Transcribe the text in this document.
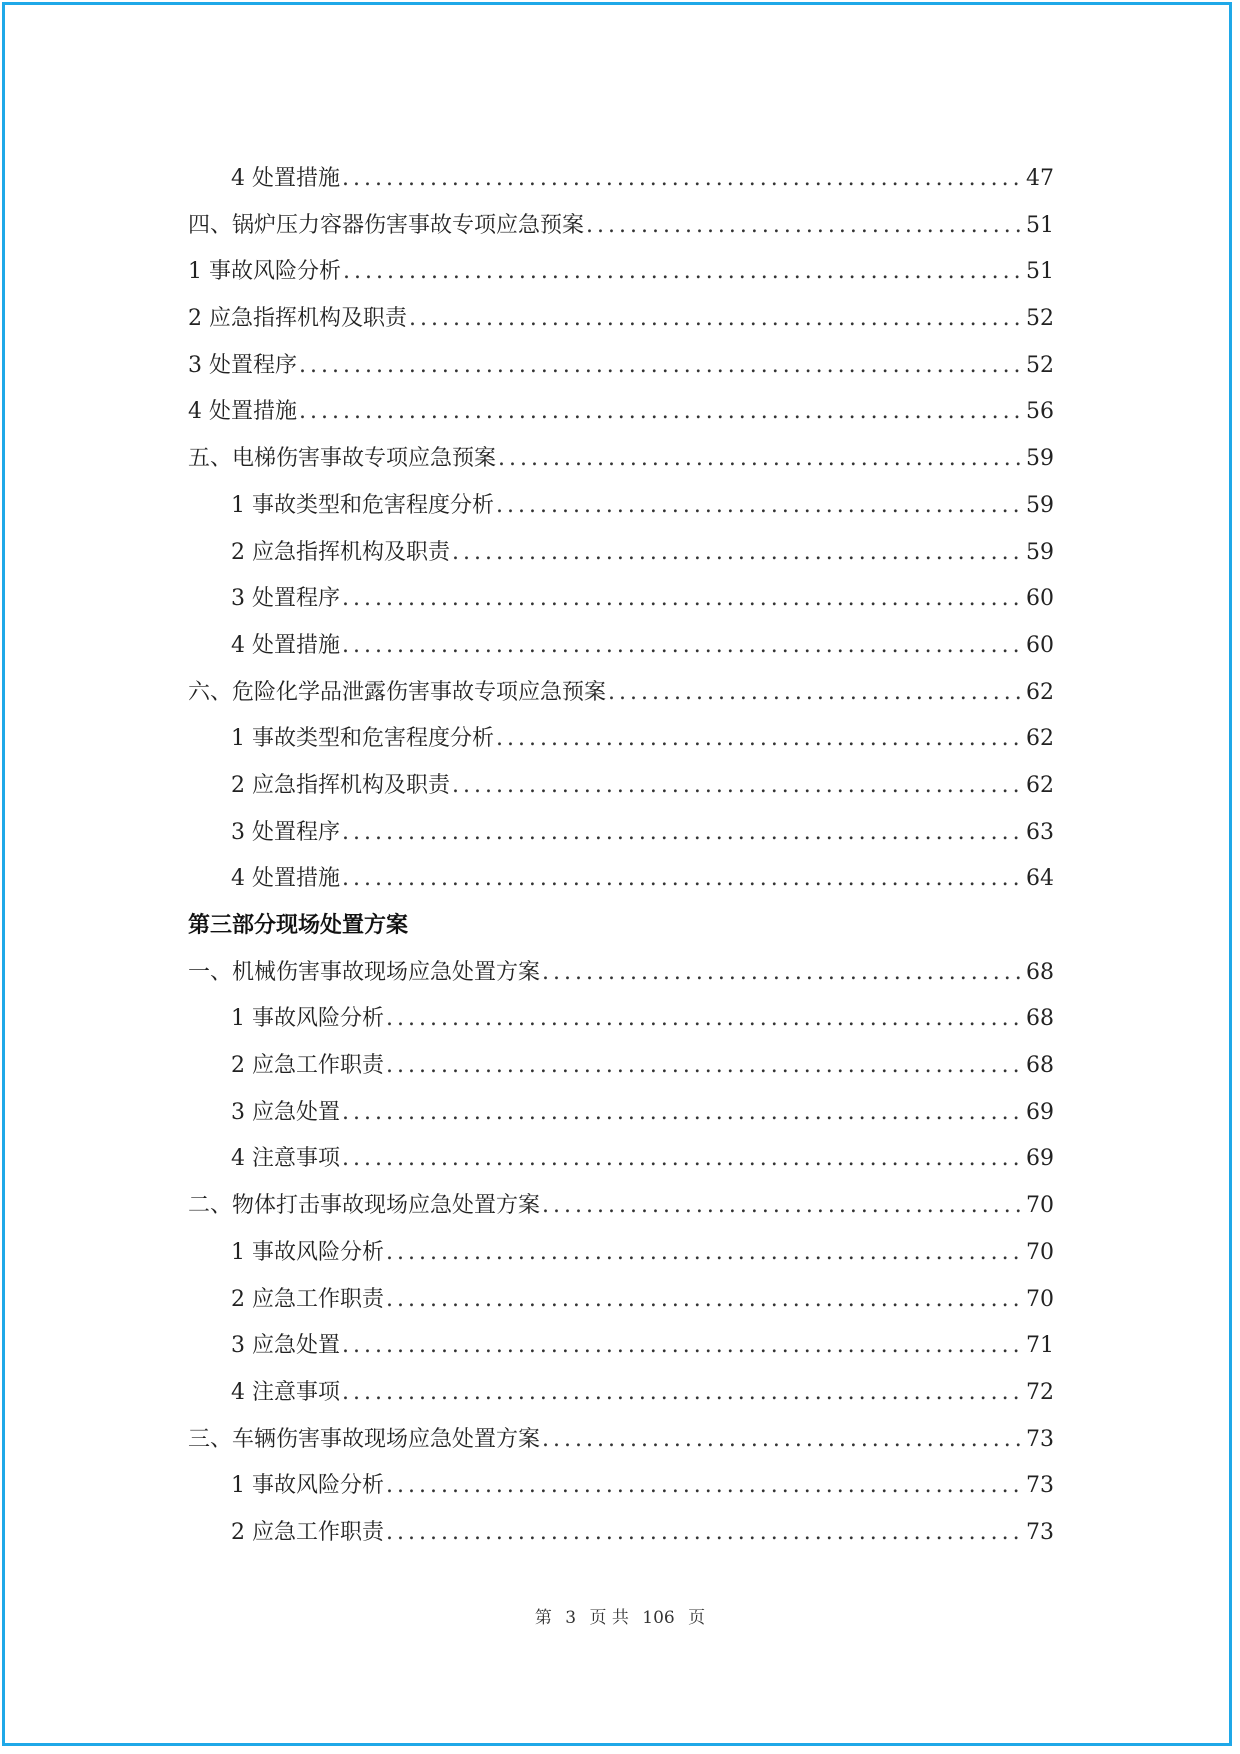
4 处置措施 .....	47
四、锅炉压力容器伤害事故专项应急预案 .....	51
1 事故风险分析 .....	51
2 应急指挥机构及职责 .....	52
3 处置程序 .....	52
4 处置措施 .....	56
五、电梯伤害事故专项应急预案 .....	59
1 事故类型和危害程度分析 .....	59
2 应急指挥机构及职责 .....	59
3 处置程序 .....	60
4 处置措施 .....	60
六、危险化学品泄露伤害事故专项应急预案 .....	62
1 事故类型和危害程度分析 .....	62
2 应急指挥机构及职责 .....	62
3 处置程序 .....	63
4 处置措施 .....	64
第三部分现场处置方案
一、机械伤害事故现场应急处置方案 .....	68
1 事故风险分析 .....	68
2 应急工作职责 .....	68
3 应急处置 .....	69
4 注意事项 .....	69
二、物体打击事故现场应急处置方案 .....	70
1 事故风险分析 .....	70
2 应急工作职责 .....	70
3 应急处置 .....	71
4 注意事项 .....	72
三、车辆伤害事故现场应急处置方案 .....	73
1 事故风险分析 .....	73
2 应急工作职责 .....	73
第 3 页 共 106 页
